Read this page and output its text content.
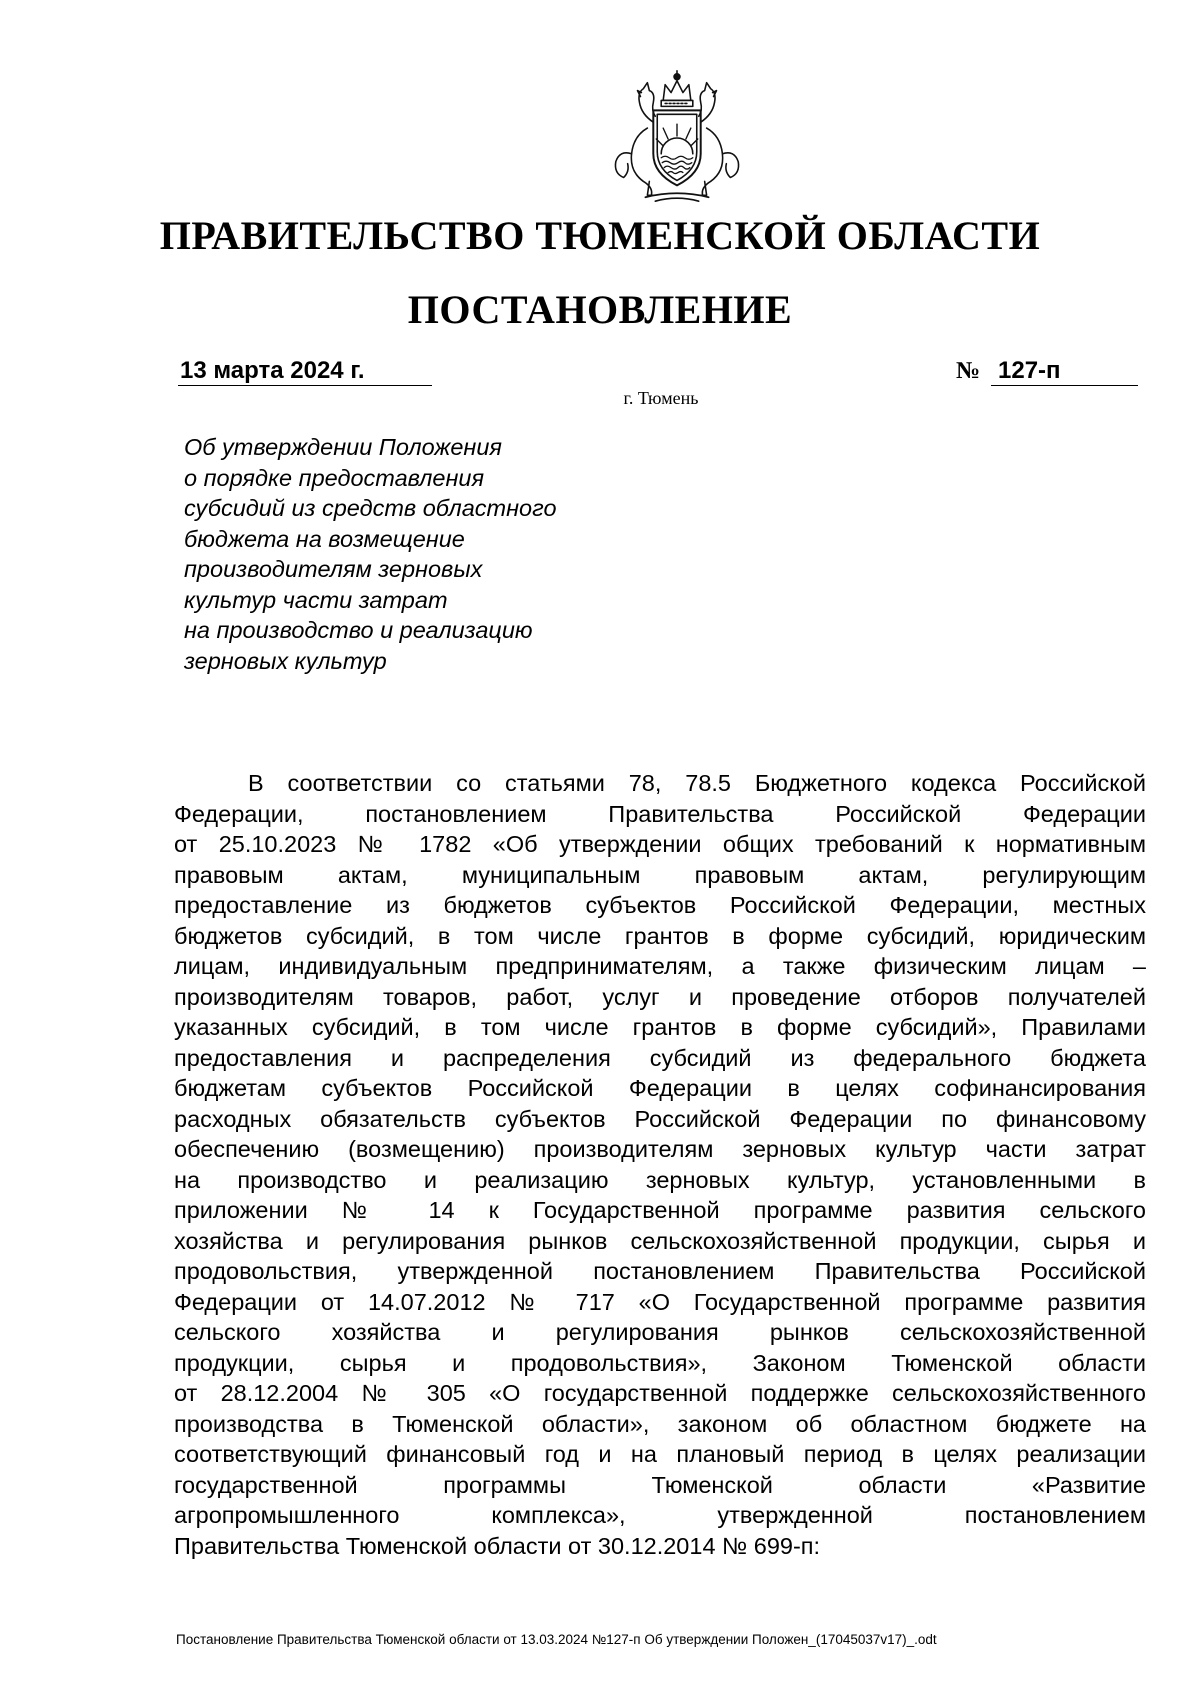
ПРАВИТЕЛЬСТВО ТЮМЕНСКОЙ ОБЛАСТИ
ПОСТАНОВЛЕНИЕ
13 марта 2024 г.	№ 127-п
г. Тюмень
Об утверждении Положения
о порядке предоставления
субсидий из средств областного
бюджета на возмещение
производителям зерновых
культур части затрат
на производство и реализацию
зерновых культур
В соответствии со статьями 78, 78.5 Бюджетного кодекса Российской
Федерации, постановлением Правительства Российской Федерации
от 25.10.2023 № 1782 «Об утверждении общих требований к нормативным
правовым актам, муниципальным правовым актам, регулирующим
предоставление из бюджетов субъектов Российской Федерации, местных
бюджетов субсидий, в том числе грантов в форме субсидий, юридическим
лицам, индивидуальным предпринимателям, а также физическим лицам –
производителям товаров, работ, услуг и проведение отборов получателей
указанных субсидий, в том числе грантов в форме субсидий», Правилами
предоставления и распределения субсидий из федерального бюджета
бюджетам субъектов Российской Федерации в целях софинансирования
расходных обязательств субъектов Российской Федерации по финансовому
обеспечению (возмещению) производителям зерновых культур части затрат
на производство и реализацию зерновых культур, установленными в
приложении № 14 к Государственной программе развития сельского
хозяйства и регулирования рынков сельскохозяйственной продукции, сырья и
продовольствия, утвержденной постановлением Правительства Российской
Федерации от 14.07.2012 № 717 «О Государственной программе развития
сельского хозяйства и регулирования рынков сельскохозяйственной
продукции, сырья и продовольствия», Законом Тюменской области
от 28.12.2004 № 305 «О государственной поддержке сельскохозяйственного
производства в Тюменской области», законом об областном бюджете на
соответствующий финансовый год и на плановый период в целях реализации
государственной программы Тюменской области «Развитие
агропромышленного комплекса», утвержденной постановлением
Правительства Тюменской области от 30.12.2014 № 699-п:
Постановление Правительства Тюменской области от 13.03.2024 №127-п Об утверждении Положен_(17045037v17)_.odt
